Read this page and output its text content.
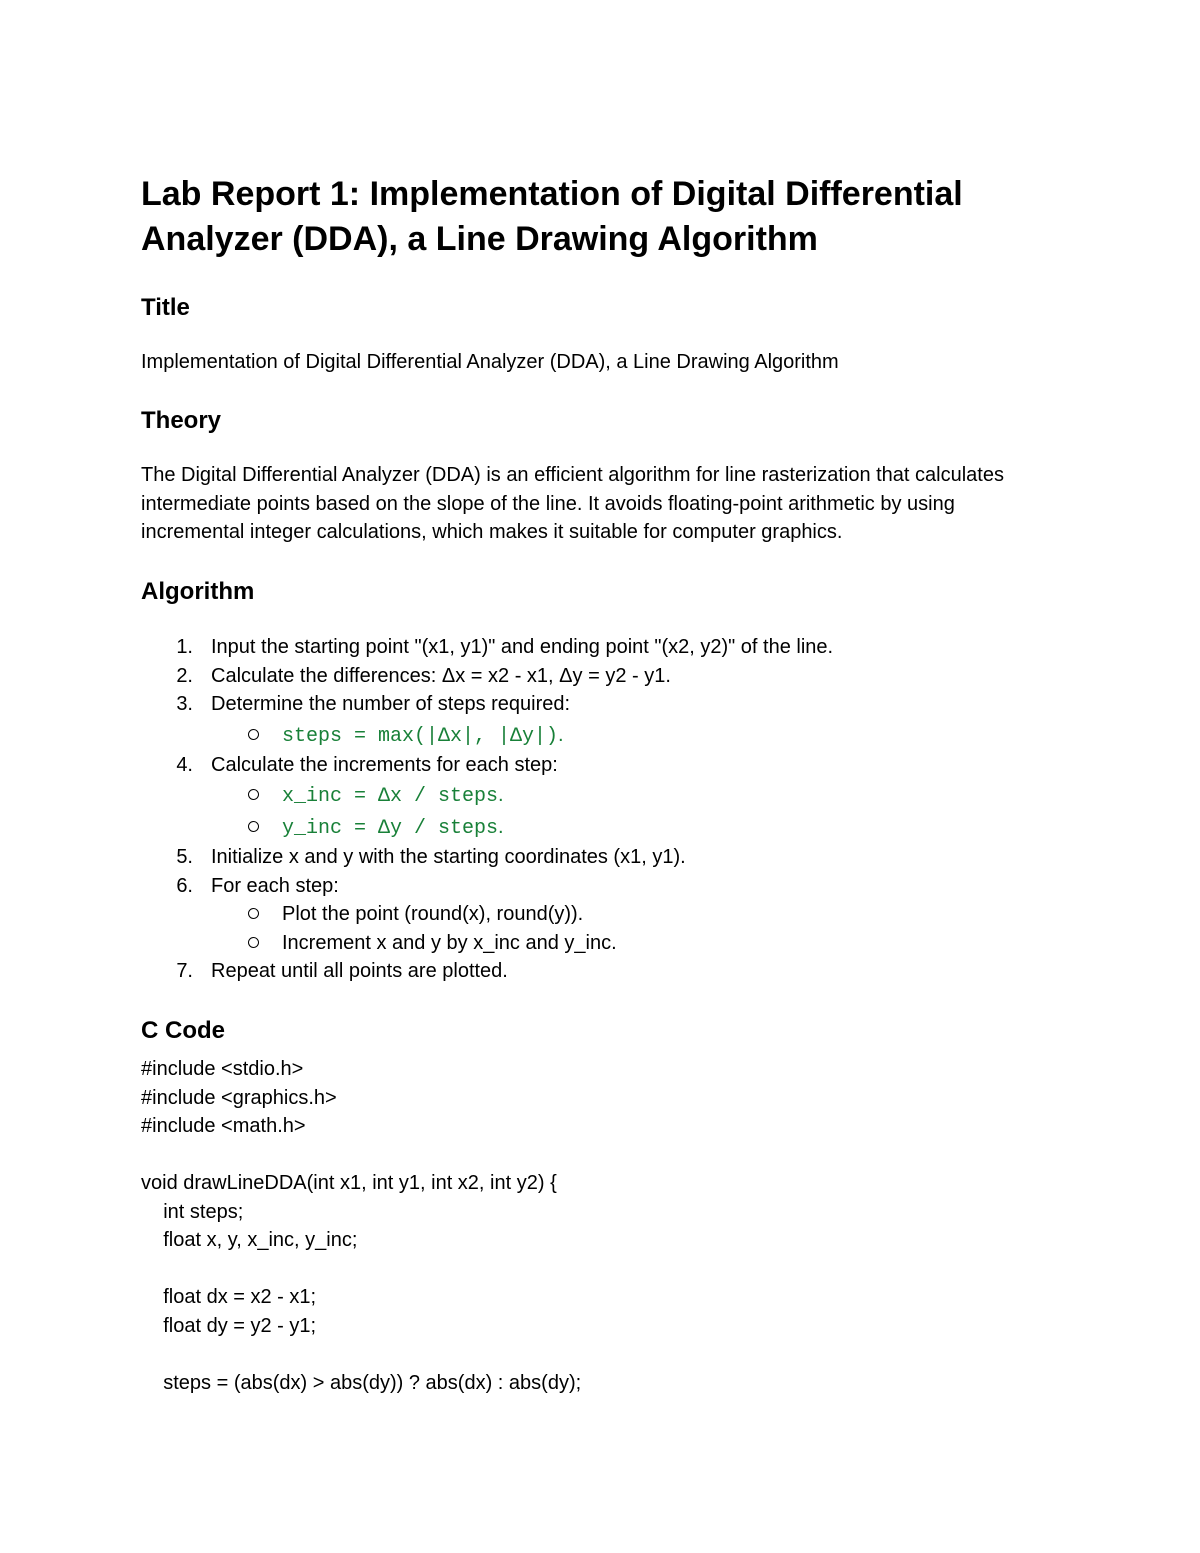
Lab Report 1: Implementation of Digital Differential Analyzer (DDA), a Line Drawing Algorithm
Title

Implementation of Digital Differential Analyzer (DDA), a Line Drawing Algorithm

Theory

The Digital Differential Analyzer (DDA) is an efficient algorithm for line rasterization that calculates intermediate points based on the slope of the line. It avoids floating-point arithmetic by using incremental integer calculations, which makes it suitable for computer graphics.

Algorithm
1. Input the starting point "(x1, y1)" and ending point "(x2, y2)" of the line.
2. Calculate the differences: Δx = x2 - x1, Δy = y2 - y1.
3. Determine the number of steps required:
steps = max(|Δx|, |Δy|).
4. Calculate the increments for each step:
x_inc = Δx / steps.
y_inc = Δy / steps.
5. Initialize x and y with the starting coordinates (x1, y1).
6. For each step:
Plot the point (round(x), round(y)).
Increment x and y by x_inc and y_inc.
7. Repeat until all points are plotted.
C Code
#include <stdio.h>
#include <graphics.h>
#include <math.h>

void drawLineDDA(int x1, int y1, int x2, int y2) {
int steps;
float x, y, x_inc, y_inc;

float dx = x2 - x1;
float dy = y2 - y1;

steps = (abs(dx) > abs(dy)) ? abs(dx) : abs(dy);
